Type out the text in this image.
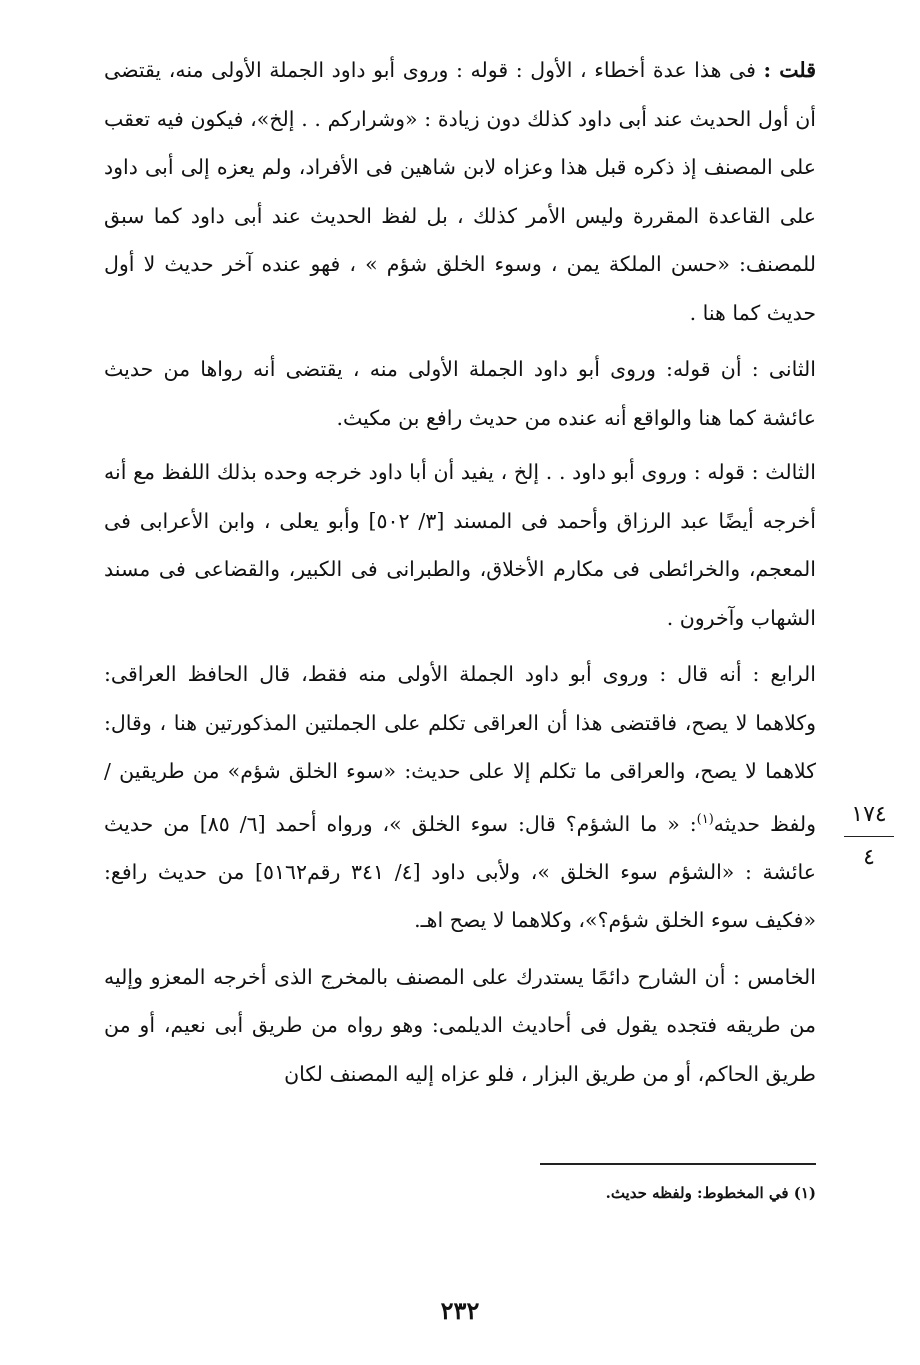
قلت : فى هذا عدة أخطاء ، الأول : قوله : وروى أبو داود الجملة الأولى منه، يقتضى أن أول الحديث عند أبى داود كذلك دون زيادة : «وشراركم . . إلخ»، فيكون فيه تعقب على المصنف إذ ذكره قبل هذا وعزاه لابن شاهين فى الأفراد، ولم يعزه إلى أبى داود على القاعدة المقررة وليس الأمر كذلك ، بل لفظ الحديث عند أبى داود كما سبق للمصنف: «حسن الملكة يمن ، وسوء الخلق شؤم » ، فهو عنده آخر حديث لا أول حديث كما هنا .

الثانى : أن قوله: وروى أبو داود الجملة الأولى منه ، يقتضى أنه رواها من حديث عائشة كما هنا والواقع أنه عنده من حديث رافع بن مكيث.

الثالث : قوله : وروى أبو داود . . إلخ ، يفيد أن أبا داود خرجه وحده بذلك اللفظ مع أنه أخرجه أيضًا عبد الرزاق وأحمد فى المسند [٣/ ٥٠٢] وأبو يعلى ، وابن الأعرابى فى المعجم، والخرائطى فى مكارم الأخلاق، والطبرانى فى الكبير، والقضاعى فى مسند الشهاب وآخرون .

الرابع : أنه قال : وروى أبو داود الجملة الأولى منه فقط، قال الحافظ العراقى: وكلاهما لا يصح، فاقتضى هذا أن العراقى تكلم على الجملتين المذكورتين هنا ، وقال: كلاهما لا يصح، والعراقى ما تكلم إلا على حديث: «سوء الخلق شؤم» من طريقين / ولفظ حديثه$^{(١)}$: « ما الشؤم؟ قال: سوء الخلق »، ورواه أحمد [٦/ ٨٥] من حديث عائشة : «الشؤم سوء الخلق »، ولأبى داود [٤/ ٣٤١ رقم٥١٦٢] من حديث رافع: «فكيف سوء الخلق شؤم؟»، وكلاهما لا يصح اهـ.

الخامس : أن الشارح دائمًا يستدرك على المصنف بالمخرج الذى أخرجه المعزو وإليه من طريقه فتجده يقول فى أحاديث الديلمى: وهو رواه من طريق أبى نعيم، أو من طريق الحاكم، أو من طريق البزار ، فلو عزاه إليه المصنف لكان

١٧٤
٤
(١) في المخطوط: ولفظه حديث.
٢٣٢
